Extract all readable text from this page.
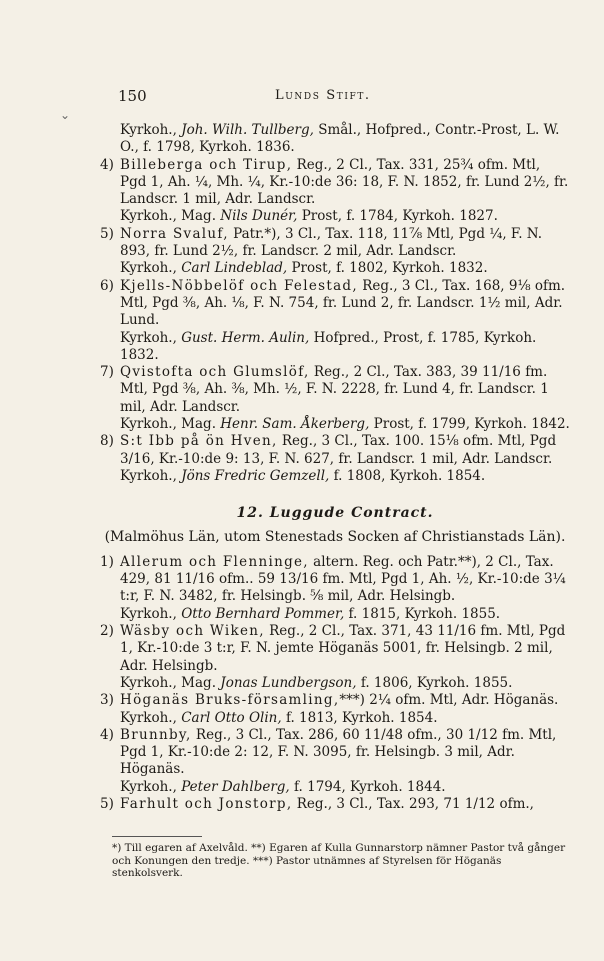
150	Lunds Stift.
⌄
Kyrkoh., Joh. Wilh. Tullberg, Smål., Hofpred., Contr.-Prost, L. W. O., f. 1798, Kyrkoh. 1836.
4) Billeberga och Tirup, Reg., 2 Cl., Tax. 331, 25¾ ofm. Mtl, Pgd 1, Ah. ¼, Mh. ¼, Kr.-10:de 36: 18, F. N. 1852, fr. Lund 2½, fr. Landscr. 1 mil, Adr. Landscr.
Kyrkoh., Mag. Nils Dunér, Prost, f. 1784, Kyrkoh. 1827.
5) Norra Svaluf, Patr.*), 3 Cl., Tax. 118, 11⅞ Mtl, Pgd ¼, F. N. 893, fr. Lund 2½, fr. Landscr. 2 mil, Adr. Landscr.
Kyrkoh., Carl Lindeblad, Prost, f. 1802, Kyrkoh. 1832.
6) Kjells-Nöbbelöf och Felestad, Reg., 3 Cl., Tax. 168, 9⅛ ofm. Mtl, Pgd ⅜, Ah. ⅛, F. N. 754, fr. Lund 2, fr. Landscr. 1½ mil, Adr. Lund.
Kyrkoh., Gust. Herm. Aulin, Hofpred., Prost, f. 1785, Kyrkoh. 1832.
7) Qvistofta och Glumslöf, Reg., 2 Cl., Tax. 383, 39 11/16 fm. Mtl, Pgd ⅜, Ah. ⅜, Mh. ½, F. N. 2228, fr. Lund 4, fr. Landscr. 1 mil, Adr. Landscr.
Kyrkoh., Mag. Henr. Sam. Åkerberg, Prost, f. 1799, Kyrkoh. 1842.
8) S:t Ibb på ön Hven, Reg., 3 Cl., Tax. 100. 15⅛ ofm. Mtl, Pgd 3/16, Kr.-10:de 9: 13, F. N. 627, fr. Landscr. 1 mil, Adr. Landscr.
Kyrkoh., Jöns Fredric Gemzell, f. 1808, Kyrkoh. 1854.
12. Luggude Contract.
(Malmöhus Län, utom Stenestads Socken af Christianstads Län).
1) Allerum och Flenninge, altern. Reg. och Patr.**), 2 Cl., Tax. 429, 81 11/16 ofm.. 59 13/16 fm. Mtl, Pgd 1, Ah. ½, Kr.-10:de 3¼ t:r, F. N. 3482, fr. Helsingb. ⅝ mil, Adr. Helsingb.
Kyrkoh., Otto Bernhard Pommer, f. 1815, Kyrkoh. 1855.
2) Wäsby och Wiken, Reg., 2 Cl., Tax. 371, 43 11/16 fm. Mtl, Pgd 1, Kr.-10:de 3 t:r, F. N. jemte Höganäs 5001, fr. Helsingb. 2 mil, Adr. Helsingb.
Kyrkoh., Mag. Jonas Lundbergson, f. 1806, Kyrkoh. 1855.
3) Höganäs Bruks-församling,***) 2¼ ofm. Mtl, Adr. Höganäs.
Kyrkoh., Carl Otto Olin, f. 1813, Kyrkoh. 1854.
4) Brunnby, Reg., 3 Cl., Tax. 286, 60 11/48 ofm., 30 1/12 fm. Mtl, Pgd 1, Kr.-10:de 2: 12, F. N. 3095, fr. Helsingb. 3 mil, Adr. Höganäs.
Kyrkoh., Peter Dahlberg, f. 1794, Kyrkoh. 1844.
5) Farhult och Jonstorp, Reg., 3 Cl., Tax. 293, 71 1/12 ofm.,
*) Till egaren af Axelvåld. **) Egaren af Kulla Gunnarstorp nämner Pastor två gånger och Konungen den tredje. ***) Pastor utnämnes af Styrelsen för Höganäs stenkolsverk.
